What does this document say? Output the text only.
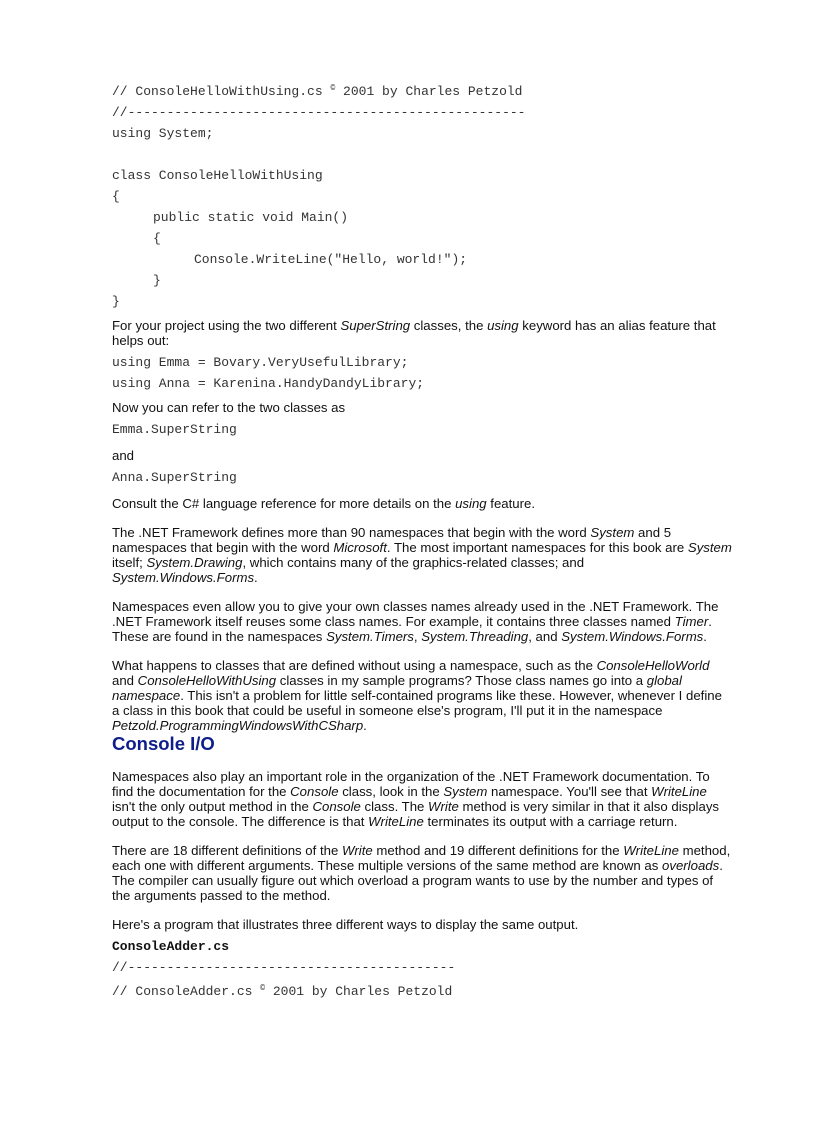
// ConsoleHelloWithUsing.cs © 2001 by Charles Petzold
//---------------------------------------------------
using System;

class ConsoleHelloWithUsing
{
public static void Main()
{
Console.WriteLine("Hello, world!");
}
}

For your project using the two different SuperString classes, the using keyword has an alias feature that helps out:

using Emma = Bovary.VeryUsefulLibrary;
using Anna = Karenina.HandyDandyLibrary;

Now you can refer to the two classes as

Emma.SuperString

and

Anna.SuperString

Consult the C# language reference for more details on the using feature.

The .NET Framework defines more than 90 namespaces that begin with the word System and 5 namespaces that begin with the word Microsoft. The most important namespaces for this book are System itself; System.Drawing, which contains many of the graphics-related classes; and System.Windows.Forms.

Namespaces even allow you to give your own classes names already used in the .NET Framework. The .NET Framework itself reuses some class names. For example, it contains three classes named Timer. These are found in the namespaces System.Timers, System.Threading, and System.Windows.Forms.

What happens to classes that are defined without using a namespace, such as the ConsoleHelloWorld and ConsoleHelloWithUsing classes in my sample programs? Those class names go into a global namespace. This isn't a problem for little self-contained programs like these. However, whenever I define a class in this book that could be useful in someone else's program, I'll put it in the namespace Petzold.ProgrammingWindowsWithCSharp.

Console I/O

Namespaces also play an important role in the organization of the .NET Framework documentation. To find the documentation for the Console class, look in the System namespace. You'll see that WriteLine isn't the only output method in the Console class. The Write method is very similar in that it also displays output to the console. The difference is that WriteLine terminates its output with a carriage return.

There are 18 different definitions of the Write method and 19 different definitions for the WriteLine method, each one with different arguments. These multiple versions of the same method are known as overloads. The compiler can usually figure out which overload a program wants to use by the number and types of the arguments passed to the method.

Here's a program that illustrates three different ways to display the same output.

ConsoleAdder.cs
//------------------------------------------
// ConsoleAdder.cs © 2001 by Charles Petzold
